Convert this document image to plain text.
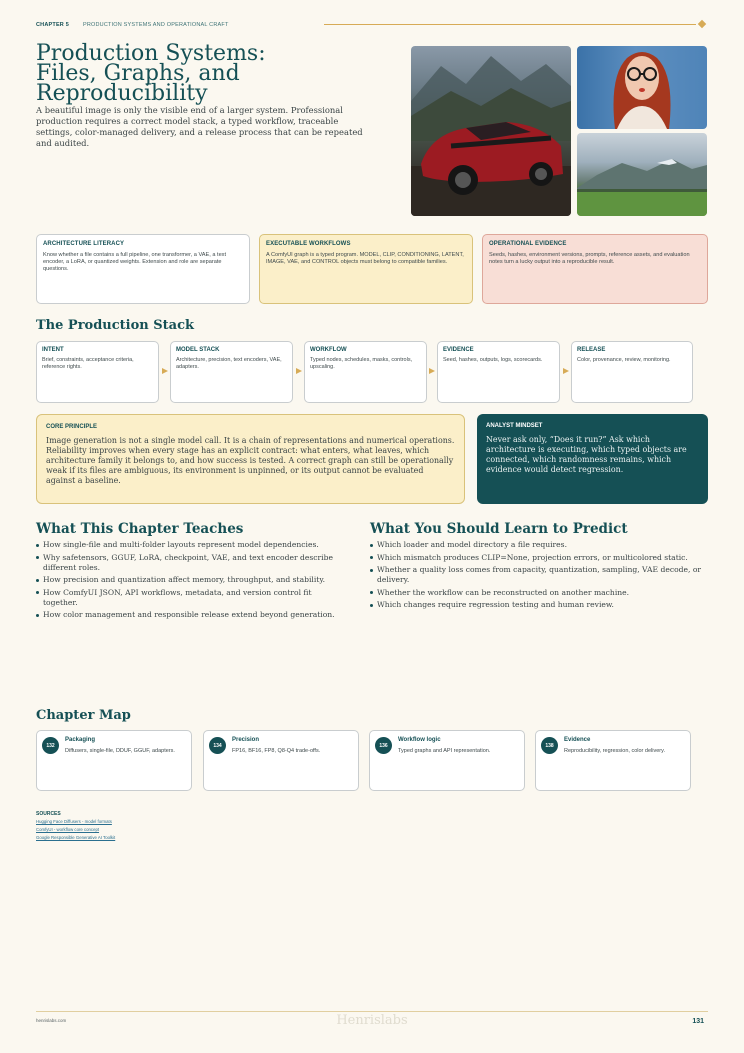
CHAPTER 5	PRODUCTION SYSTEMS AND OPERATIONAL CRAFT
Production Systems:
Files, Graphs, and
Reproducibility

A beautiful image is only the visible end of a larger system. Professional production requires a correct model stack, a typed workflow, traceable settings, color-managed delivery, and a release process that can be repeated and audited.

ARCHITECTURE LITERACY
Know whether a file contains a full pipeline, one transformer, a VAE, a text encoder, a LoRA, or quantized weights. Extension and role are separate questions.
EXECUTABLE WORKFLOWS
A ComfyUI graph is a typed program. MODEL, CLIP, CONDITIONING, LATENT, IMAGE, VAE, and CONTROL objects must belong to compatible families.
OPERATIONAL EVIDENCE
Seeds, hashes, environment versions, prompts, reference assets, and evaluation notes turn a lucky output into a reproducible result.
The Production Stack
INTENT
Brief, constraints, acceptance criteria, reference rights.
MODEL STACK
Architecture, precision, text encoders, VAE, adapters.
WORKFLOW
Typed nodes, schedules, masks, controls, upscaling.
EVIDENCE
Seed, hashes, outputs, logs, scorecards.
RELEASE
Color, provenance, review, monitoring.
CORE PRINCIPLE
Image generation is not a single model call. It is a chain of representations and numerical operations. Reliability improves when every stage has an explicit contract: what enters, what leaves, which architecture family it belongs to, and how success is tested. A correct graph can still be operationally weak if its files are ambiguous, its environment is unpinned, or its output cannot be evaluated against a baseline.
ANALYST MINDSET
Never ask only, “Does it run?” Ask which architecture is executing, which typed objects are connected, which randomness remains, which evidence would detect regression.
What This Chapter Teaches
How single-file and multi-folder layouts represent model dependencies.
Why safetensors, GGUF, LoRA, checkpoint, VAE, and text encoder describe different roles.
How precision and quantization affect memory, throughput, and stability.
How ComfyUI JSON, API workflows, metadata, and version control fit together.
How color management and responsible release extend beyond generation.
What You Should Learn to Predict
Which loader and model directory a file requires.
Which mismatch produces CLIP=None, projection errors, or multicolored static.
Whether a quality loss comes from capacity, quantization, sampling, VAE decode, or delivery.
Whether the workflow can be reconstructed on another machine.
Which changes require regression testing and human review.
Chapter Map
132
Packaging
Diffusers, single-file, DDUF, GGUF, adapters.
134
Precision
FP16, BF16, FP8, Q8-Q4 trade-offs.
136
Workflow logic
Typed graphs and API representation.
138
Evidence
Reproducibility, regression, color delivery.
SOURCES
Hugging Face Diffusers - model formats
ComfyUI - workflow core concept
Google Responsible Generative AI Toolkit
henrislabs.com	Henrislabs	131
